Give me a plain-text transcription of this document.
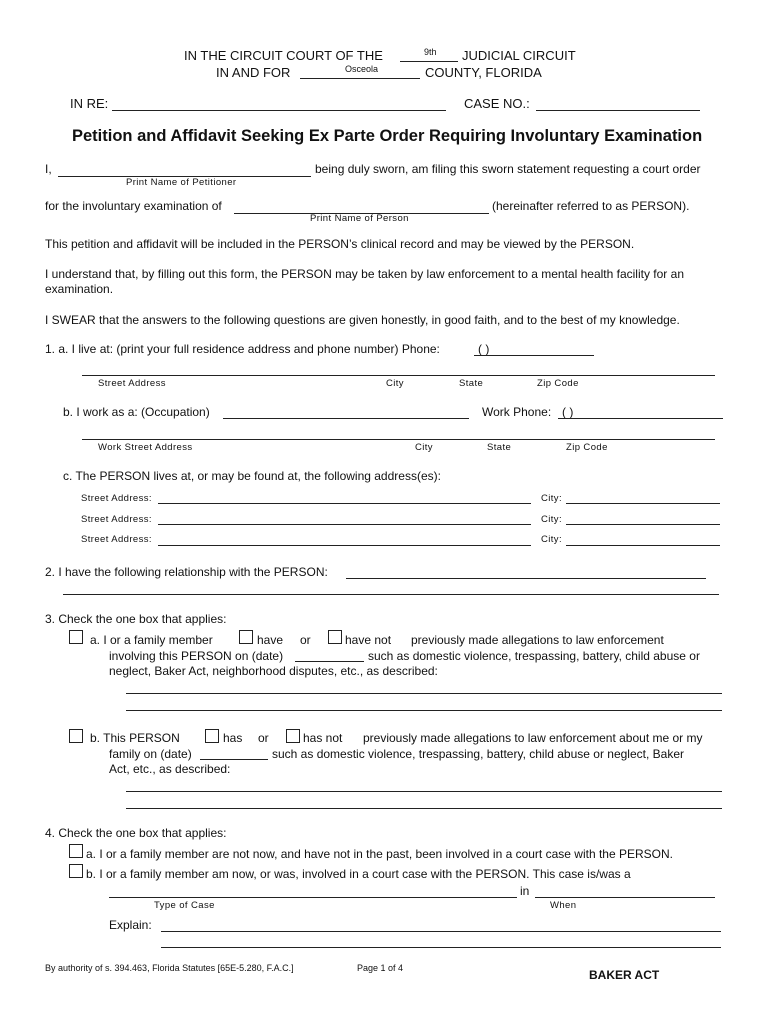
IN THE CIRCUIT COURT OF THE	9th JUDICIAL CIRCUIT
IN AND FOR	Osceola	COUNTY, FLORIDA
IN RE:	CASE NO.:
Petition and Affidavit Seeking Ex Parte Order Requiring Involuntary Examination
I,	being duly sworn, am filing this sworn statement requesting a court order
Print Name of Petitioner
for the involuntary examination of	(hereinafter referred to as PERSON).
Print Name of Person
This petition and affidavit will be included in the PERSON’s clinical record and may be viewed by the PERSON.
I understand that, by filling out this form, the PERSON may be taken by law enforcement to a mental health facility for an
examination.
I SWEAR that the answers to the following questions are given honestly, in good faith, and to the best of my knowledge.
1. a. I live at: (print your full residence address and phone number) Phone:	( )
Street Address	City	State	Zip Code
b. I work as a: (Occupation)	Work Phone: ( )
Work Street Address	City	State	Zip Code
c. The PERSON lives at, or may be found at, the following address(es):
Street Address:	City:
Street Address:	City:
Street Address:	City:
2. I have the following relationship with the PERSON:
3. Check the one box that applies:
a. I or a family member	have or	have not previously made allegations to law enforcement
involving this PERSON on (date)	such as domestic violence, trespassing, battery, child abuse or
neglect, Baker Act, neighborhood disputes, etc., as described:
b. This PERSON	has or	has not previously made allegations to law enforcement about me or my
family on (date)	such as domestic violence, trespassing, battery, child abuse or neglect, Baker
Act, etc., as described:
4. Check the one box that applies:
a. I or a family member are not now, and have not in the past, been involved in a court case with the PERSON.
b. I or a family member am now, or was, involved in a court case with the PERSON. This case is/was a
in
Type of Case	When
Explain:
By authority of s. 394.463, Florida Statutes [65E-5.280, F.A.C.]	Page 1 of 4	BAKER ACT
